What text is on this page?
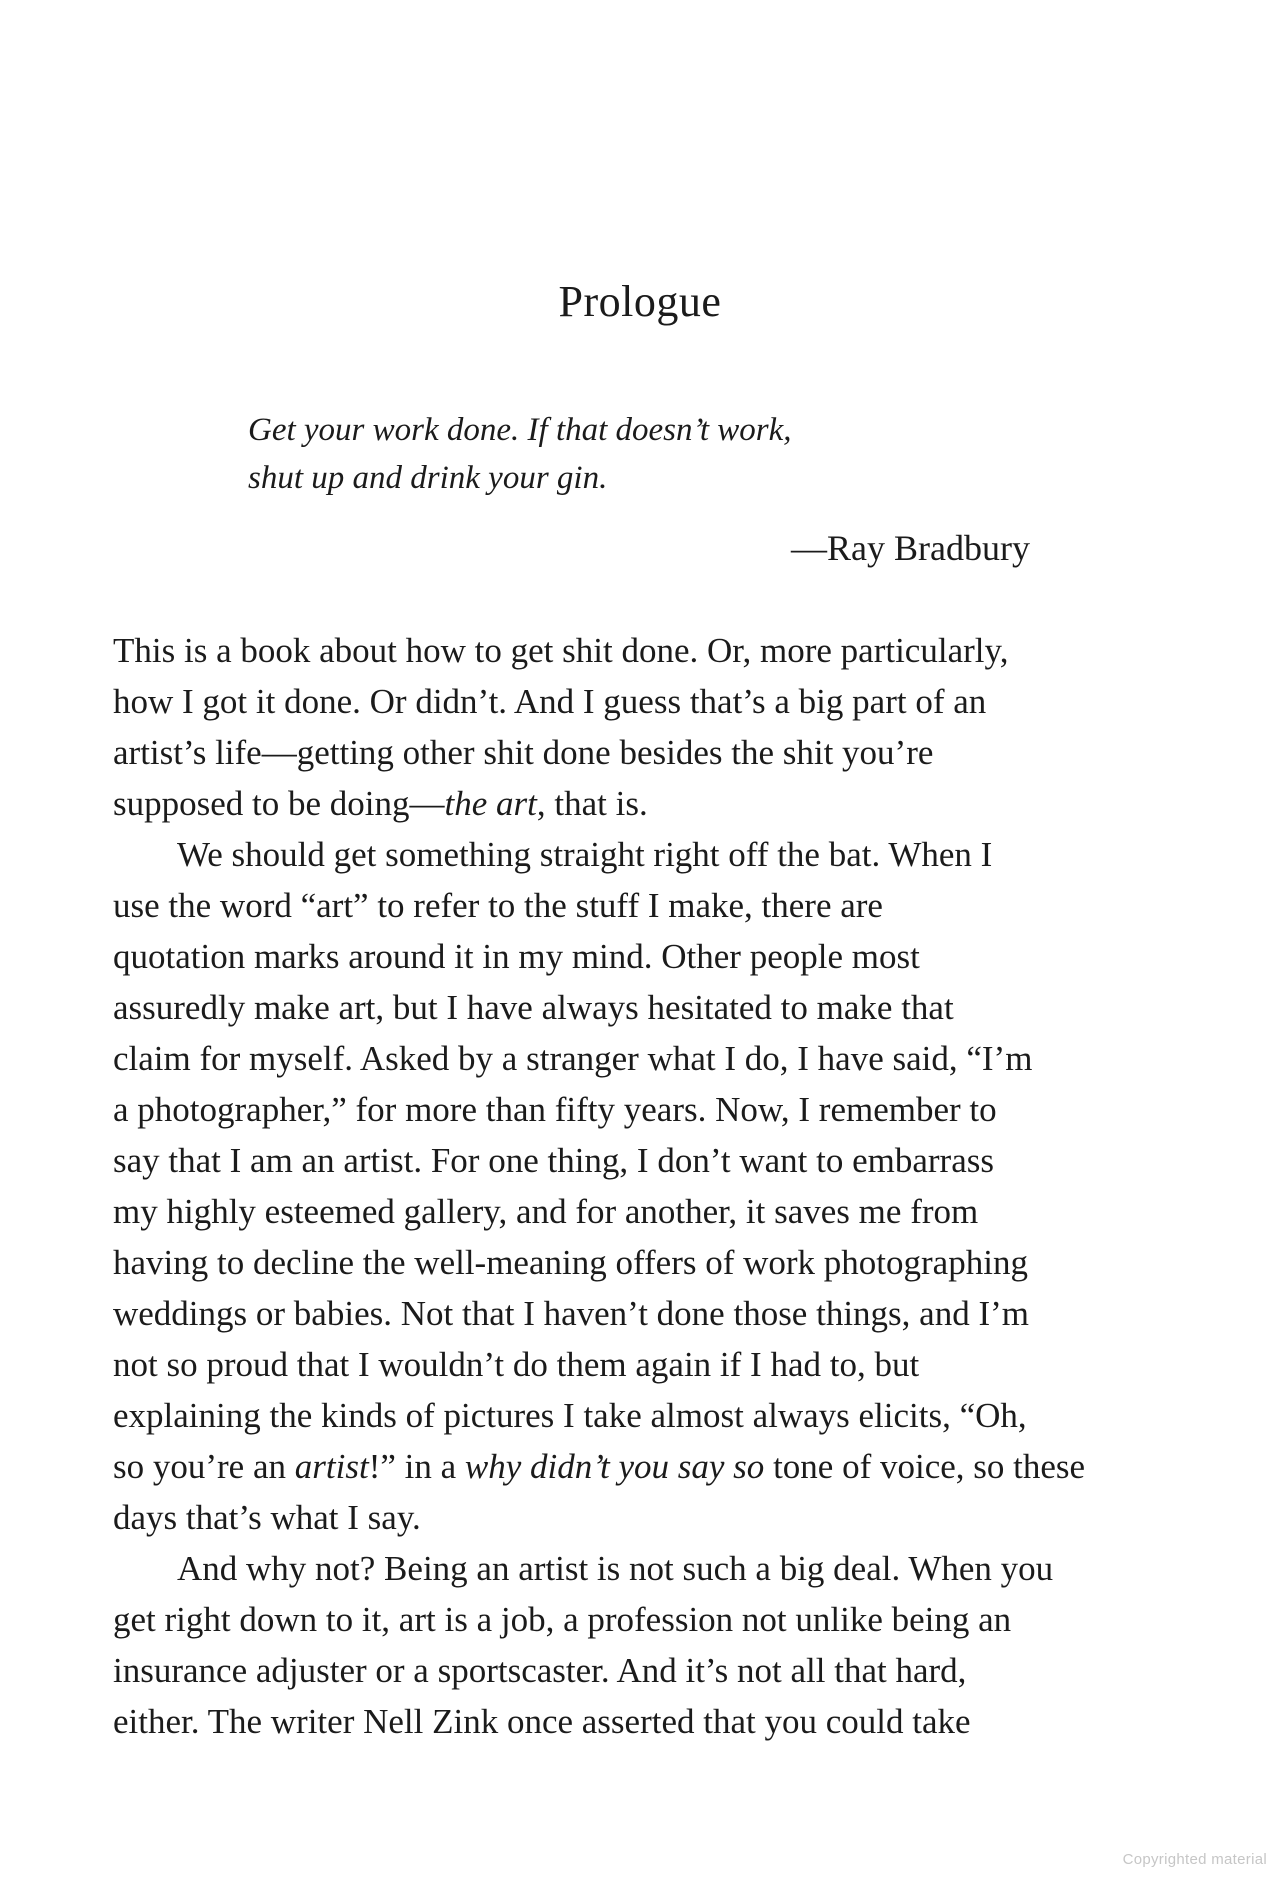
Prologue
Get your work done. If that doesn’t work,
shut up and drink your gin.
—Ray Bradbury
This is a book about how to get shit done. Or, more particularly,
how I got it done. Or didn’t. And I guess that’s a big part of an
artist’s life—getting other shit done besides the shit you’re
supposed to be doing—the art, that is.
We should get something straight right off the bat. When I
use the word “art” to refer to the stuff I make, there are
quotation marks around it in my mind. Other people most
assuredly make art, but I have always hesitated to make that
claim for myself. Asked by a stranger what I do, I have said, “I’m
a photographer,” for more than fifty years. Now, I remember to
say that I am an artist. For one thing, I don’t want to embarrass
my highly esteemed gallery, and for another, it saves me from
having to decline the well-meaning offers of work photographing
weddings or babies. Not that I haven’t done those things, and I’m
not so proud that I wouldn’t do them again if I had to, but
explaining the kinds of pictures I take almost always elicits, “Oh,
so you’re an artist!” in a why didn’t you say so tone of voice, so these
days that’s what I say.
And why not? Being an artist is not such a big deal. When you
get right down to it, art is a job, a profession not unlike being an
insurance adjuster or a sportscaster. And it’s not all that hard,
either. The writer Nell Zink once asserted that you could take
Copyrighted material
